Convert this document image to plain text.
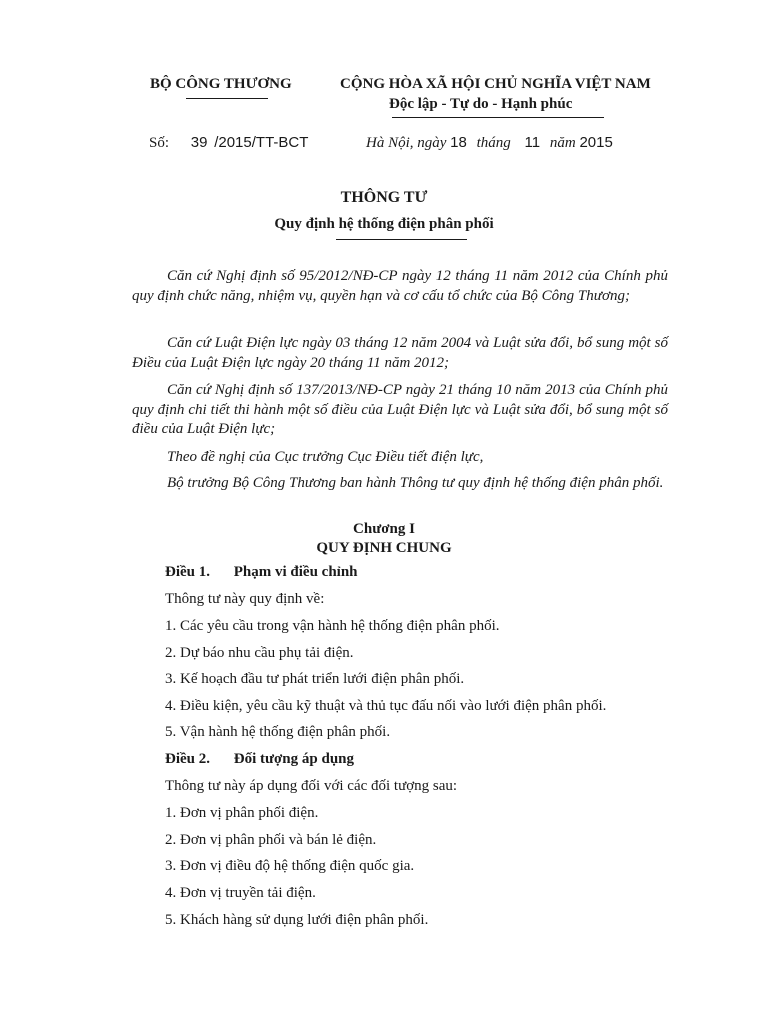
BỘ CÔNG THƯƠNG	CỘNG HÒA XÃ HỘI CHỦ NGHĨA VIỆT NAM
Độc lập - Tự do - Hạnh phúc
Số: 39 /2015/TT-BCT	Hà Nội, ngày 18 tháng 11 năm 2015
THÔNG TƯ
Quy định hệ thống điện phân phối
Căn cứ Nghị định số 95/2012/NĐ-CP ngày 12 tháng 11 năm 2012 của Chính phủ quy định chức năng, nhiệm vụ, quyền hạn và cơ cấu tổ chức của Bộ Công Thương;
Căn cứ Luật Điện lực ngày 03 tháng 12 năm 2004 và Luật sửa đổi, bổ sung một số Điều của Luật Điện lực ngày 20 tháng 11 năm 2012;
Căn cứ Nghị định số 137/2013/NĐ-CP ngày 21 tháng 10 năm 2013 của Chính phủ quy định chi tiết thi hành một số điều của Luật Điện lực và Luật sửa đổi, bổ sung một số điều của Luật Điện lực;
Theo đề nghị của Cục trưởng Cục Điều tiết điện lực,
Bộ trưởng Bộ Công Thương ban hành Thông tư quy định hệ thống điện phân phối.
Chương I
QUY ĐỊNH CHUNG
Điều 1. Phạm vi điều chỉnh
Thông tư này quy định về:
1. Các yêu cầu trong vận hành hệ thống điện phân phối.
2. Dự báo nhu cầu phụ tải điện.
3. Kế hoạch đầu tư phát triển lưới điện phân phối.
4. Điều kiện, yêu cầu kỹ thuật và thủ tục đấu nối vào lưới điện phân phối.
5. Vận hành hệ thống điện phân phối.
Điều 2. Đối tượng áp dụng
Thông tư này áp dụng đối với các đối tượng sau:
1. Đơn vị phân phối điện.
2. Đơn vị phân phối và bán lẻ điện.
3. Đơn vị điều độ hệ thống điện quốc gia.
4. Đơn vị truyền tải điện.
5. Khách hàng sử dụng lưới điện phân phối.
